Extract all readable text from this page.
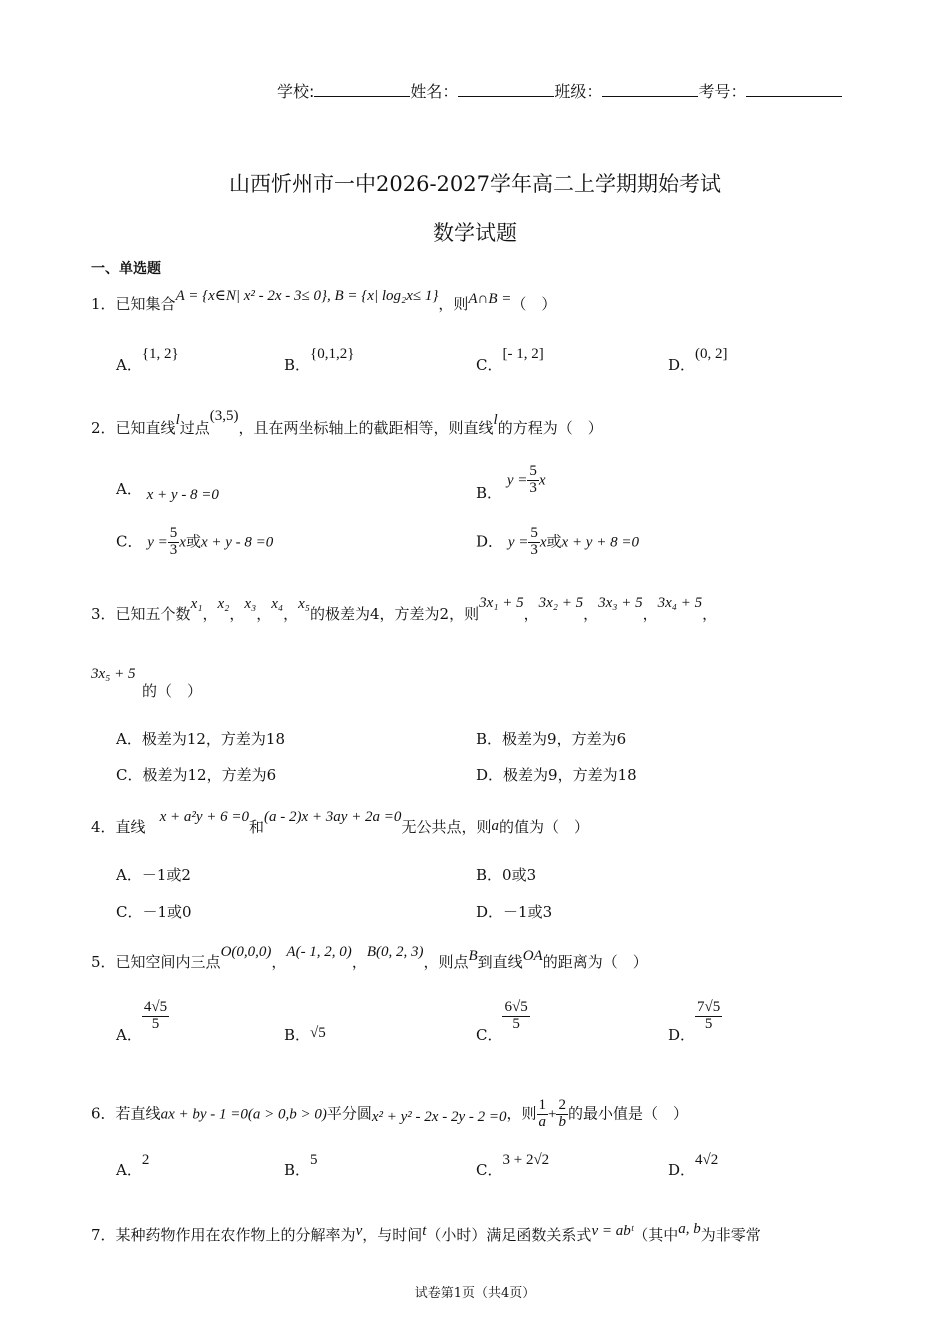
学校:	姓名：	班级：	考号：
山西忻州市一中2026-2027学年高二上学期期始考试
数学试题
一、单选题
1．已知集合A = {x∈N| x² - 2x - 3≤ 0}, B = {x| log₂x≤ 1}，则A∩B =（　）
A．{1, 2}
B．{0,1,2}
C．[- 1, 2]
D．(0, 2]
2．已知直线l过点(3,5)，且在两坐标轴上的截距相等，则直线l的方程为（　）
A． x + y - 8 =0	B． $y = \frac{5}{3}$ x
C． $y = \frac{5}{3}$ x或x + y - 8 =0	D． $y = \frac{5}{3}$ x或x + y + 8 =0
3．已知五个数x₁，x₂，x₃，x₄，x₅的极差为4，方差为2，则3x₁ + 5，3x₂ + 5，3x₃ + 5，3x₄ + 5，
3x₅ + 5
的（　）
A．极差为12，方差为18	B．极差为9，方差为6
C．极差为12，方差为6	D．极差为9，方差为18
4．直线x + a²y + 6 =0和(a - 2)x + 3ay + 2a =0无公共点，则a的值为（　）
A．－1或2	B．0或3
C．－1或0	D．－1或3
5．已知空间内三点O(0,0,0)，A(- 1, 2, 0)，B(0, 2, 3)，则点B到直线OA的距离为（　）
A．
$\frac{4√5}{5}$
B．√5	C．
$\frac{6√5}{5}$
D．
$\frac{7√5}{5}$
6．若直线ax + by - 1 =0(a > 0,b > 0)平分圆x² + y² - 2x - 2y - 2 =0，则 $\frac{1}{a} + \frac{2}{b}$ 的最小值是（　）
A．2
B．5
C．3 + 2√2
D．4√2
7．某种药物作用在农作物上的分解率为v，与时间t（小时）满足函数关系式v = abᵗ（其中a, b为非零常
试卷第1页（共4页）
